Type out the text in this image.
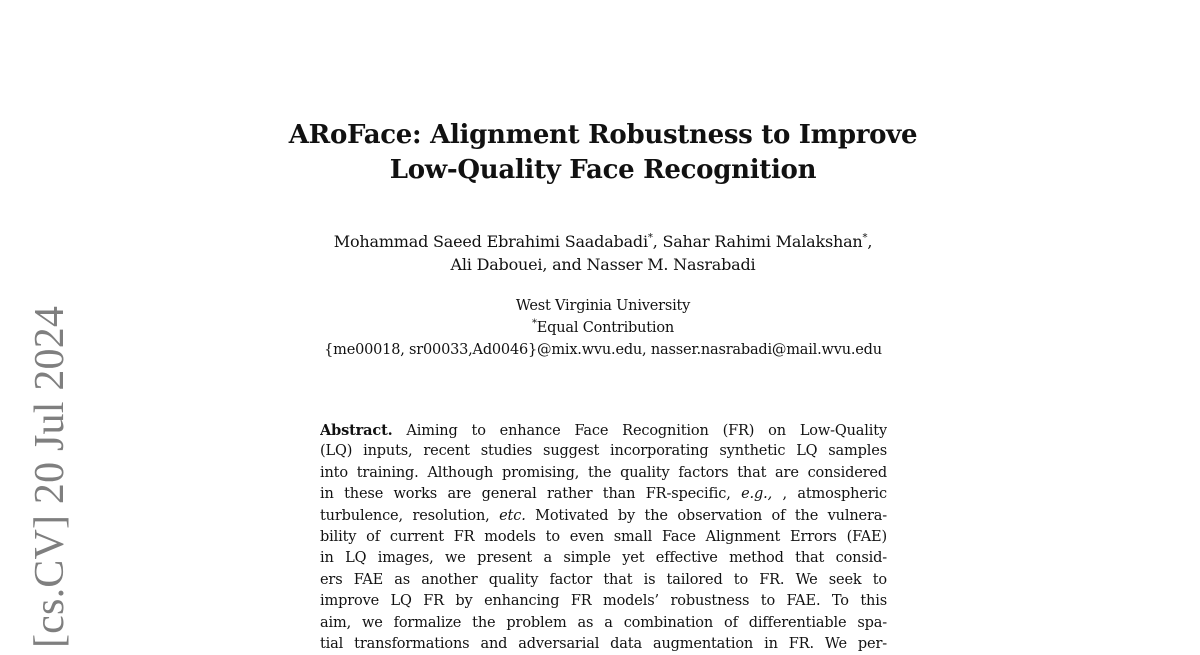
[cs.CV] 20 Jul 2024
ARoFace: Alignment Robustness to Improve
Low-Quality Face Recognition
Mohammad Saeed Ebrahimi Saadabadi*, Sahar Rahimi Malakshan*,
Ali Dabouei, and Nasser M. Nasrabadi
West Virginia University
*Equal Contribution
{me00018, sr00033,Ad0046}@mix.wvu.edu, nasser.nasrabadi@mail.wvu.edu
Abstract. Aiming to enhance Face Recognition (FR) on Low-Quality
(LQ) inputs, recent studies suggest incorporating synthetic LQ samples
into training. Although promising, the quality factors that are considered
in these works are general rather than FR-specific, e.g., , atmospheric
turbulence, resolution, etc. Motivated by the observation of the vulnera-
bility of current FR models to even small Face Alignment Errors (FAE)
in LQ images, we present a simple yet effective method that consid-
ers FAE as another quality factor that is tailored to FR. We seek to
improve LQ FR by enhancing FR models’ robustness to FAE. To this
aim, we formalize the problem as a combination of differentiable spa-
tial transformations and adversarial data augmentation in FR. We per-
